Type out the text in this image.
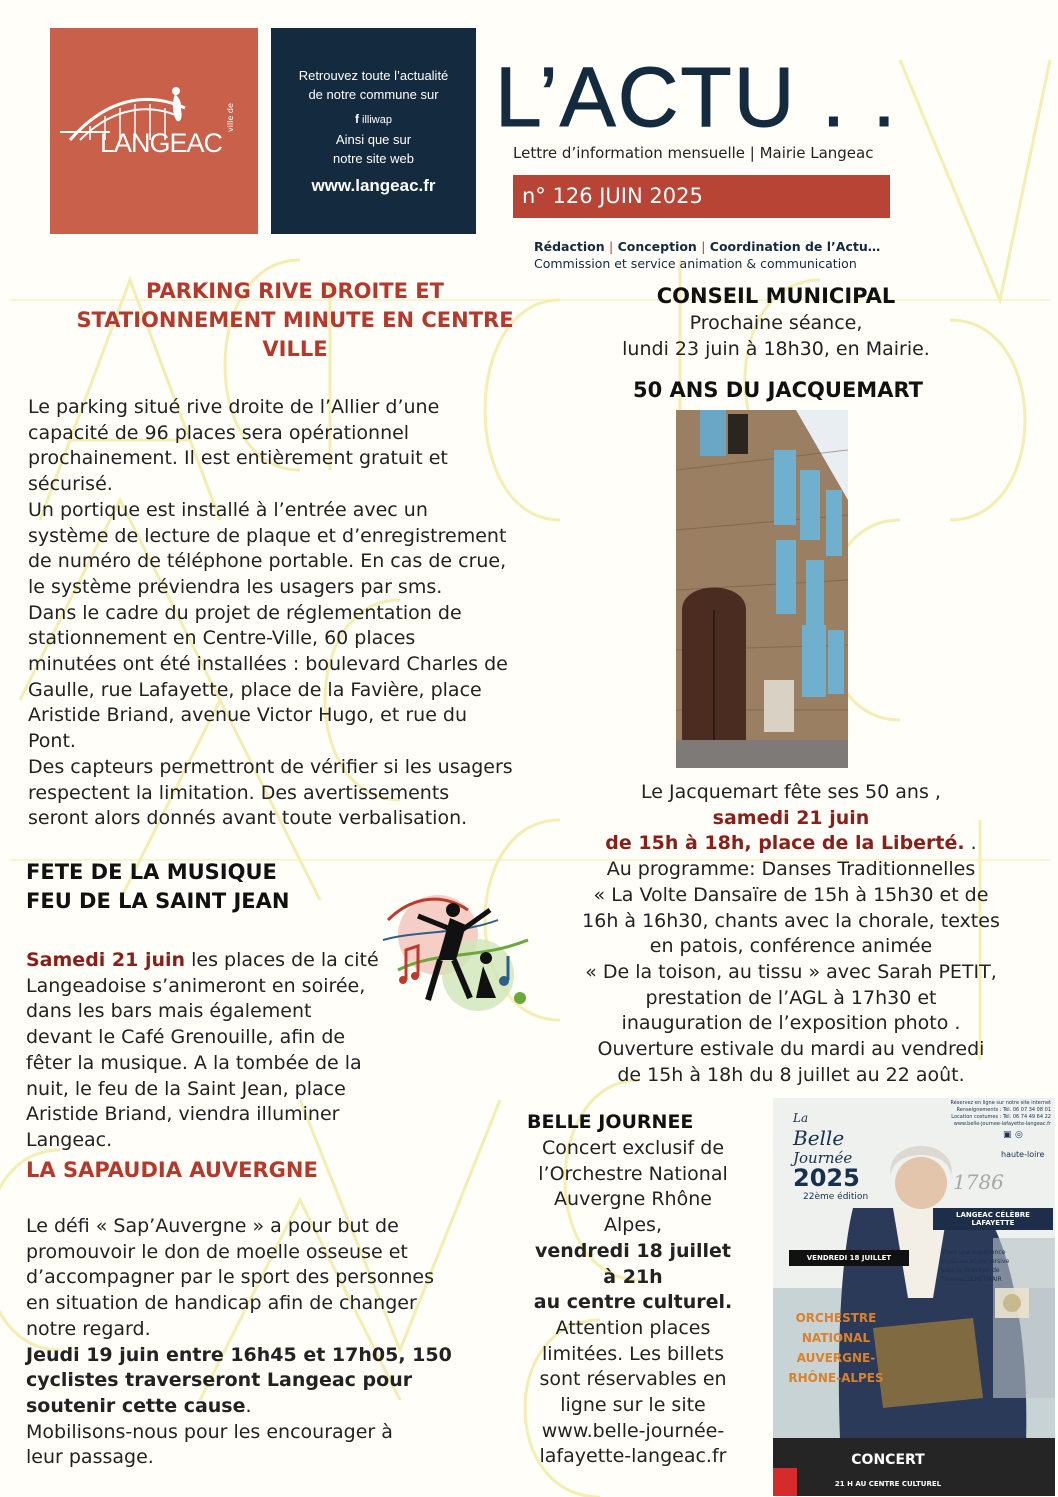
ville de
LANGEAC
Retrouvez toute l’actualité
de notre commune sur
f illiwap
Ainsi que sur
notre site web
www.langeac.fr
L’ACTU . .
Lettre d’information mensuelle | Mairie Langeac
n° 126 JUIN 2025
Rédaction | Conception | Coordination de l’Actu…
Commission et service animation & communication
PARKING RIVE DROITE ET
STATIONNEMENT MINUTE EN CENTRE
VILLE
Le parking situé rive droite de l’Allier d’une
capacité de 96 places sera opérationnel
prochainement. Il est entièrement gratuit et
sécurisé.
Un portique est installé à l’entrée avec un
système de lecture de plaque et d’enregistrement
de numéro de téléphone portable. En cas de crue,
le système préviendra les usagers par sms.
Dans le cadre du projet de réglementation de
stationnement en Centre-Ville, 60 places
minutées ont été installées : boulevard Charles de
Gaulle, rue Lafayette, place de la Favière, place
Aristide Briand, avenue Victor Hugo, et rue du
Pont.
Des capteurs permettront de vérifier si les usagers
respectent la limitation. Des avertissements
seront alors donnés avant toute verbalisation.
FETE DE LA MUSIQUE
FEU DE LA SAINT JEAN
Samedi 21 juin les places de la cité
Langeadoise s’animeront en soirée,
dans les bars mais également
devant le Café Grenouille, afin de
fêter la musique. A la tombée de la
nuit, le feu de la Saint Jean, place
Aristide Briand, viendra illuminer
Langeac.
LA SAPAUDIA AUVERGNE
Le défi « Sap’Auvergne » a pour but de
promouvoir le don de moelle osseuse et
d’accompagner par le sport des personnes
en situation de handicap afin de changer
notre regard.
Jeudi 19 juin entre 16h45 et 17h05, 150
cyclistes traverseront Langeac pour
soutenir cette cause.
Mobilisons-nous pour les encourager à
leur passage.
CONSEIL MUNICIPAL
Prochaine séance,
lundi 23 juin à 18h30, en Mairie.
50 ANS DU JACQUEMART
Le Jacquemart fête ses 50 ans ,
samedi 21 juin
de 15h à 18h, place de la Liberté. .
Au programme: Danses Traditionnelles
« La Volte Dansaïre de 15h à 15h30 et de
16h à 16h30, chants avec la chorale, textes
en patois, conférence animée
« De la toison, au tissu » avec Sarah PETIT,
prestation de l’AGL à 17h30 et
inauguration de l’exposition photo .
Ouverture estivale du mardi au vendredi
de 15h à 18h du 8 juillet au 22 août.
BELLE JOURNEE
Concert exclusif de
l’Orchestre National
Auvergne Rhône
Alpes,
vendredi 18 juillet
à 21h
au centre culturel.
Attention places
limitées. Les billets
sont réservables en
ligne sur le site
www.belle-journée-
lafayette-langeac.fr
La
Belle
Journée
2025
22ème édition
Réservez en ligne sur notre site internet
Renseignements : Tél. 06 07 34 08 01
Location costumes : Tél. 06 74 49 64 22
www.belle-journee-lafayette-langeac.fr
▣ ◎
haute-loire
1786
LANGEAC CÉLÈBRE
LAFAYETTE
VENDREDI 18 JUILLET
Vivez une expérience
musicale et immersive
sous la direction de
Thomas ZEHETMAIR
ORCHESTRE
NATIONAL
AUVERGNE-
RHÔNE-ALPES
CONCERT
21 H AU CENTRE CULTUREL
